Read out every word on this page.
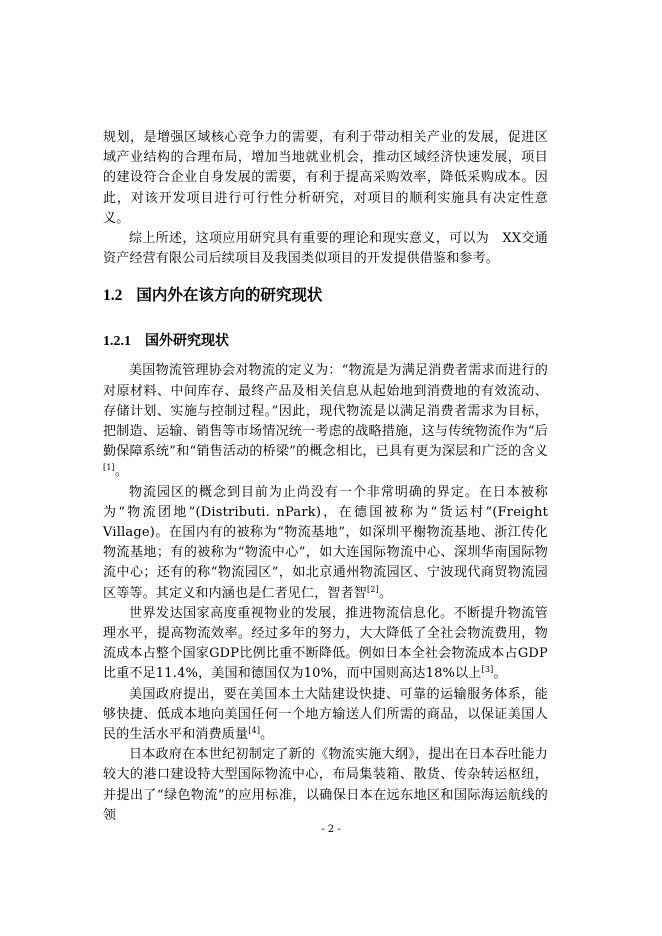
规划，是增强区域核心竞争力的需要，有利于带动相关产业的发展，促进区域产业结构的合理布局，增加当地就业机会，推动区域经济快速发展，项目的建设符合企业自身发展的需要，有利于提高采购效率，降低采购成本。因此，对该开发项目进行可行性分析研究，对项目的顺利实施具有决定性意义。

综上所述，这项应用研究具有重要的理论和现实意义，可以为　XX交通资产经营有限公司后续项目及我国类似项目的开发提供借鉴和参考。

1.2 国内外在该方向的研究现状
1.2.1 国外研究现状

美国物流管理协会对物流的定义为：“物流是为满足消费者需求而进行的对原材料、中间库存、最终产品及相关信息从起始地到消费地的有效流动、存储计划、实施与控制过程。”因此，现代物流是以满足消费者需求为目标，把制造、运输、销售等市场情况统一考虑的战略措施，这与传统物流作为“后勤保障系统”和“销售活动的桥梁”的概念相比，已具有更为深层和广泛的含义[1]。

物流园区的概念到目前为止尚没有一个非常明确的界定。在日本被称为“物流团地”(Distributi. nPark)，在德国被称为“货运村”(Freight Village)。在国内有的被称为“物流基地”，如深圳平榭物流基地、浙江传化物流基地；有的被称为“物流中心”，如大连国际物流中心、深圳华南国际物流中心；还有的称“物流园区”，如北京通州物流园区、宁波现代商贸物流园区等等。其定义和内涵也是仁者见仁，智者智[2]。

世界发达国家高度重视物业的发展，推进物流信息化。不断提升物流管理水平，提高物流效率。经过多年的努力，大大降低了全社会物流费用，物流成本占整个国家GDP比例比重不断降低。例如日本全社会物流成本占GDP比重不足11.4%，美国和德国仅为10%，而中国则高达18%以上[3]。

美国政府提出，要在美国本土大陆建设快捷、可靠的运输服务体系，能够快捷、低成本地向美国任何一个地方输送人们所需的商品，以保证美国人民的生活水平和消费质量[4]。

日本政府在本世纪初制定了新的《物流实施大纲》，提出在日本吞吐能力较大的港口建设特大型国际物流中心，布局集装箱、散货、传杂转运枢纽，并提出了“绿色物流”的应用标准，以确保日本在远东地区和国际海运航线的领

- 2 -
